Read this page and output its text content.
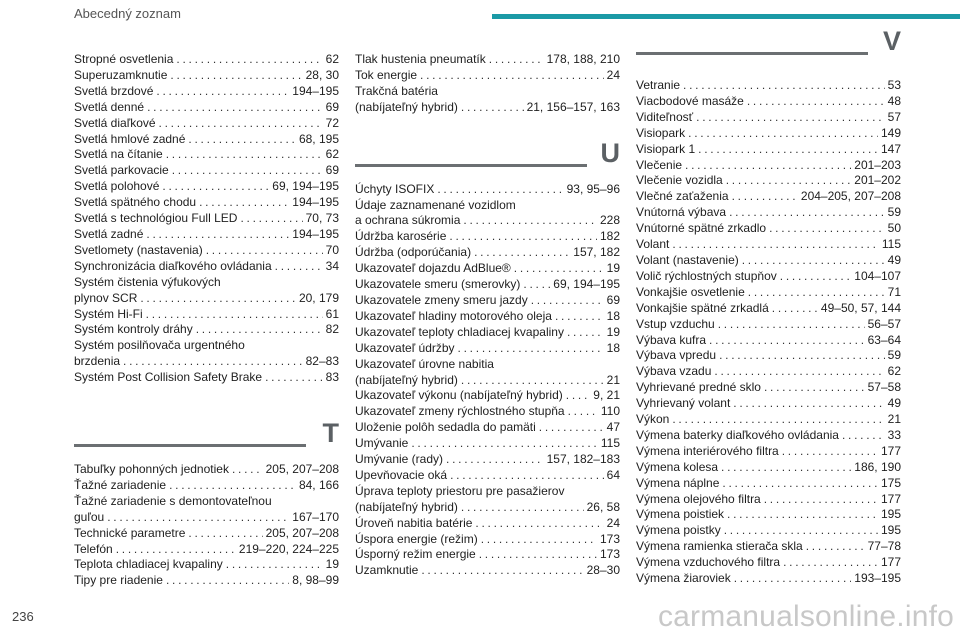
Abecedný zoznam
Stropné osvetlenia . . .	62
Superuzamknutie . . .	28, 30
Svetlá brzdové . . .	194–195
Svetlá denné . . .	69
Svetlá diaľkové . . .	72
Svetlá hmlové zadné . . .	68, 195
Svetlá na čítanie . . .	62
Svetlá parkovacie . . .	69
Svetlá polohové . . .	69, 194–195
Svetlá spätného chodu . . .	194–195
Svetlá s technológiou Full LED . . .	70, 73
Svetlá zadné . . .	194–195
Svetlomety (nastavenia) . . .	70
Synchronizácia diaľkového ovládania . . .	34
Systém čistenia výfukových
plynov SCR . . .	20, 179
Systém Hi-Fi . . .	61
Systém kontroly dráhy . . .	82
Systém posilňovača urgentného
brzdenia . . .	82–83
Systém Post Collision Safety Brake . . .	83
T
Tabuľky pohonných jednotiek . . .	205, 207–208
Ťažné zariadenie . . .	84, 166
Ťažné zariadenie s demontovateľnou
guľou . . .	167–170
Technické parametre . . .	205, 207–208
Telefón . . .	219–220, 224–225
Teplota chladiacej kvapaliny . . .	19
Tipy pre riadenie . . .	8, 98–99
Tlak hustenia pneumatík . . .	178, 188, 210
Tok energie . . .	24
Trakčná batéria
(nabíjateľný hybrid) . . .	21, 156–157, 163
U
Úchyty ISOFIX . . .	93, 95–96
Údaje zaznamenané vozidlom
a ochrana súkromia . . .	228
Údržba karosérie . . .	182
Údržba (odporúčania) . . .	157, 182
Ukazovateľ dojazdu AdBlue® . . .	19
Ukazovatele smeru (smerovky) . . .	69, 194–195
Ukazovatele zmeny smeru jazdy . . .	69
Ukazovateľ hladiny motorového oleja . . .	18
Ukazovateľ teploty chladiacej kvapaliny . . .	19
Ukazovateľ údržby . . .	18
Ukazovateľ úrovne nabitia
(nabíjateľný hybrid) . . .	21
Ukazovateľ výkonu (nabíjateľný hybrid) . . .	9, 21
Ukazovateľ zmeny rýchlostného stupňa . . .	110
Uloženie polôh sedadla do pamäti . . .	47
Umývanie . . .	115
Umývanie (rady) . . .	157, 182–183
Upevňovacie oká . . .	64
Úprava teploty priestoru pre pasažierov
(nabíjateľný hybrid) . . .	26, 58
Úroveň nabitia batérie . . .	24
Úspora energie (režim) . . .	173
Úsporný režim energie . . .	173
Uzamknutie . . .	28–30
V
Vetranie . . .	53
Viacbodové masáže . . .	48
Viditeľnosť . . .	57
Visiopark . . .	149
Visiopark 1 . . .	147
Vlečenie . . .	201–203
Vlečenie vozidla . . .	201–202
Vlečné zaťaženia . . .	204–205, 207–208
Vnútorná výbava . . .	59
Vnútorné spätné zrkadlo . . .	50
Volant . . .	115
Volant (nastavenie) . . .	49
Volič rýchlostných stupňov . . .	104–107
Vonkajšie osvetlenie . . .	71
Vonkajšie spätné zrkadlá . . .	49–50, 57, 144
Vstup vzduchu . . .	56–57
Výbava kufra . . .	63–64
Výbava vpredu . . .	59
Výbava vzadu . . .	62
Vyhrievané predné sklo . . .	57–58
Vyhrievaný volant . . .	49
Výkon . . .	21
Výmena baterky diaľkového ovládania . . .	33
Výmena interiérového filtra . . .	177
Výmena kolesa . . .	186, 190
Výmena náplne . . .	175
Výmena olejového filtra . . .	177
Výmena poistiek . . .	195
Výmena poistky . . .	195
Výmena ramienka stierača skla . . .	77–78
Výmena vzduchového filtra . . .	177
Výmena žiaroviek . . .	193–195
236	carmanualsonline.info
